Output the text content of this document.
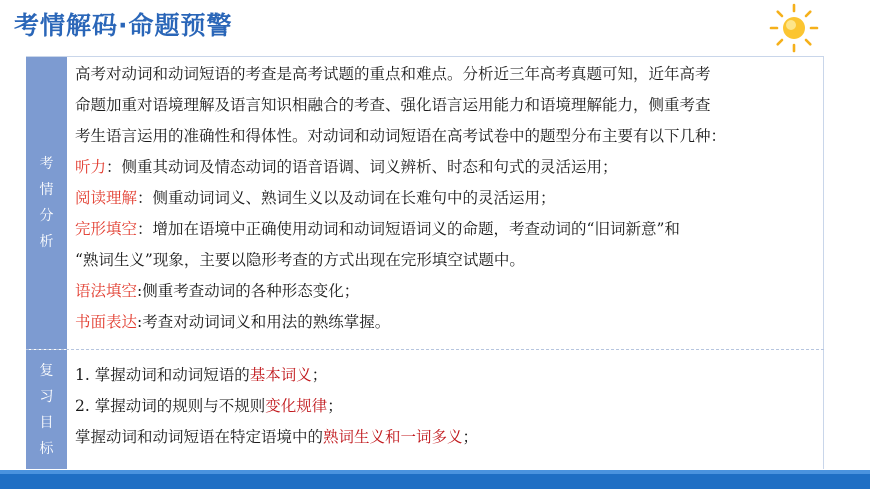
考情解码·命题预警
考
情
分
析

高考对动词和动词短语的考查是高考试题的重点和难点。分析近三年高考真题可知，近年高考

命题加重对语境理解及语言知识相融合的考查、强化语言运用能力和语境理解能力，侧重考查

考生语言运用的准确性和得体性。对动词和动词短语在高考试卷中的题型分布主要有以下几种：

听力：侧重其动词及情态动词的语音语调、词义辨析、时态和句式的灵活运用；

阅读理解：侧重动词词义、熟词生义以及动词在长难句中的灵活运用；

完形填空：增加在语境中正确使用动词和动词短语词义的命题，考查动词的“旧词新意”和

“熟词生义”现象，主要以隐形考查的方式出现在完形填空试题中。

语法填空:侧重考查动词的各种形态变化；

书面表达:考查对动词词义和用法的熟练掌握。

复
习
目
标

1. 掌握动词和动词短语的基本词义；

2. 掌握动词的规则与不规则变化规律；

掌握动词和动词短语在特定语境中的熟词生义和一词多义；
